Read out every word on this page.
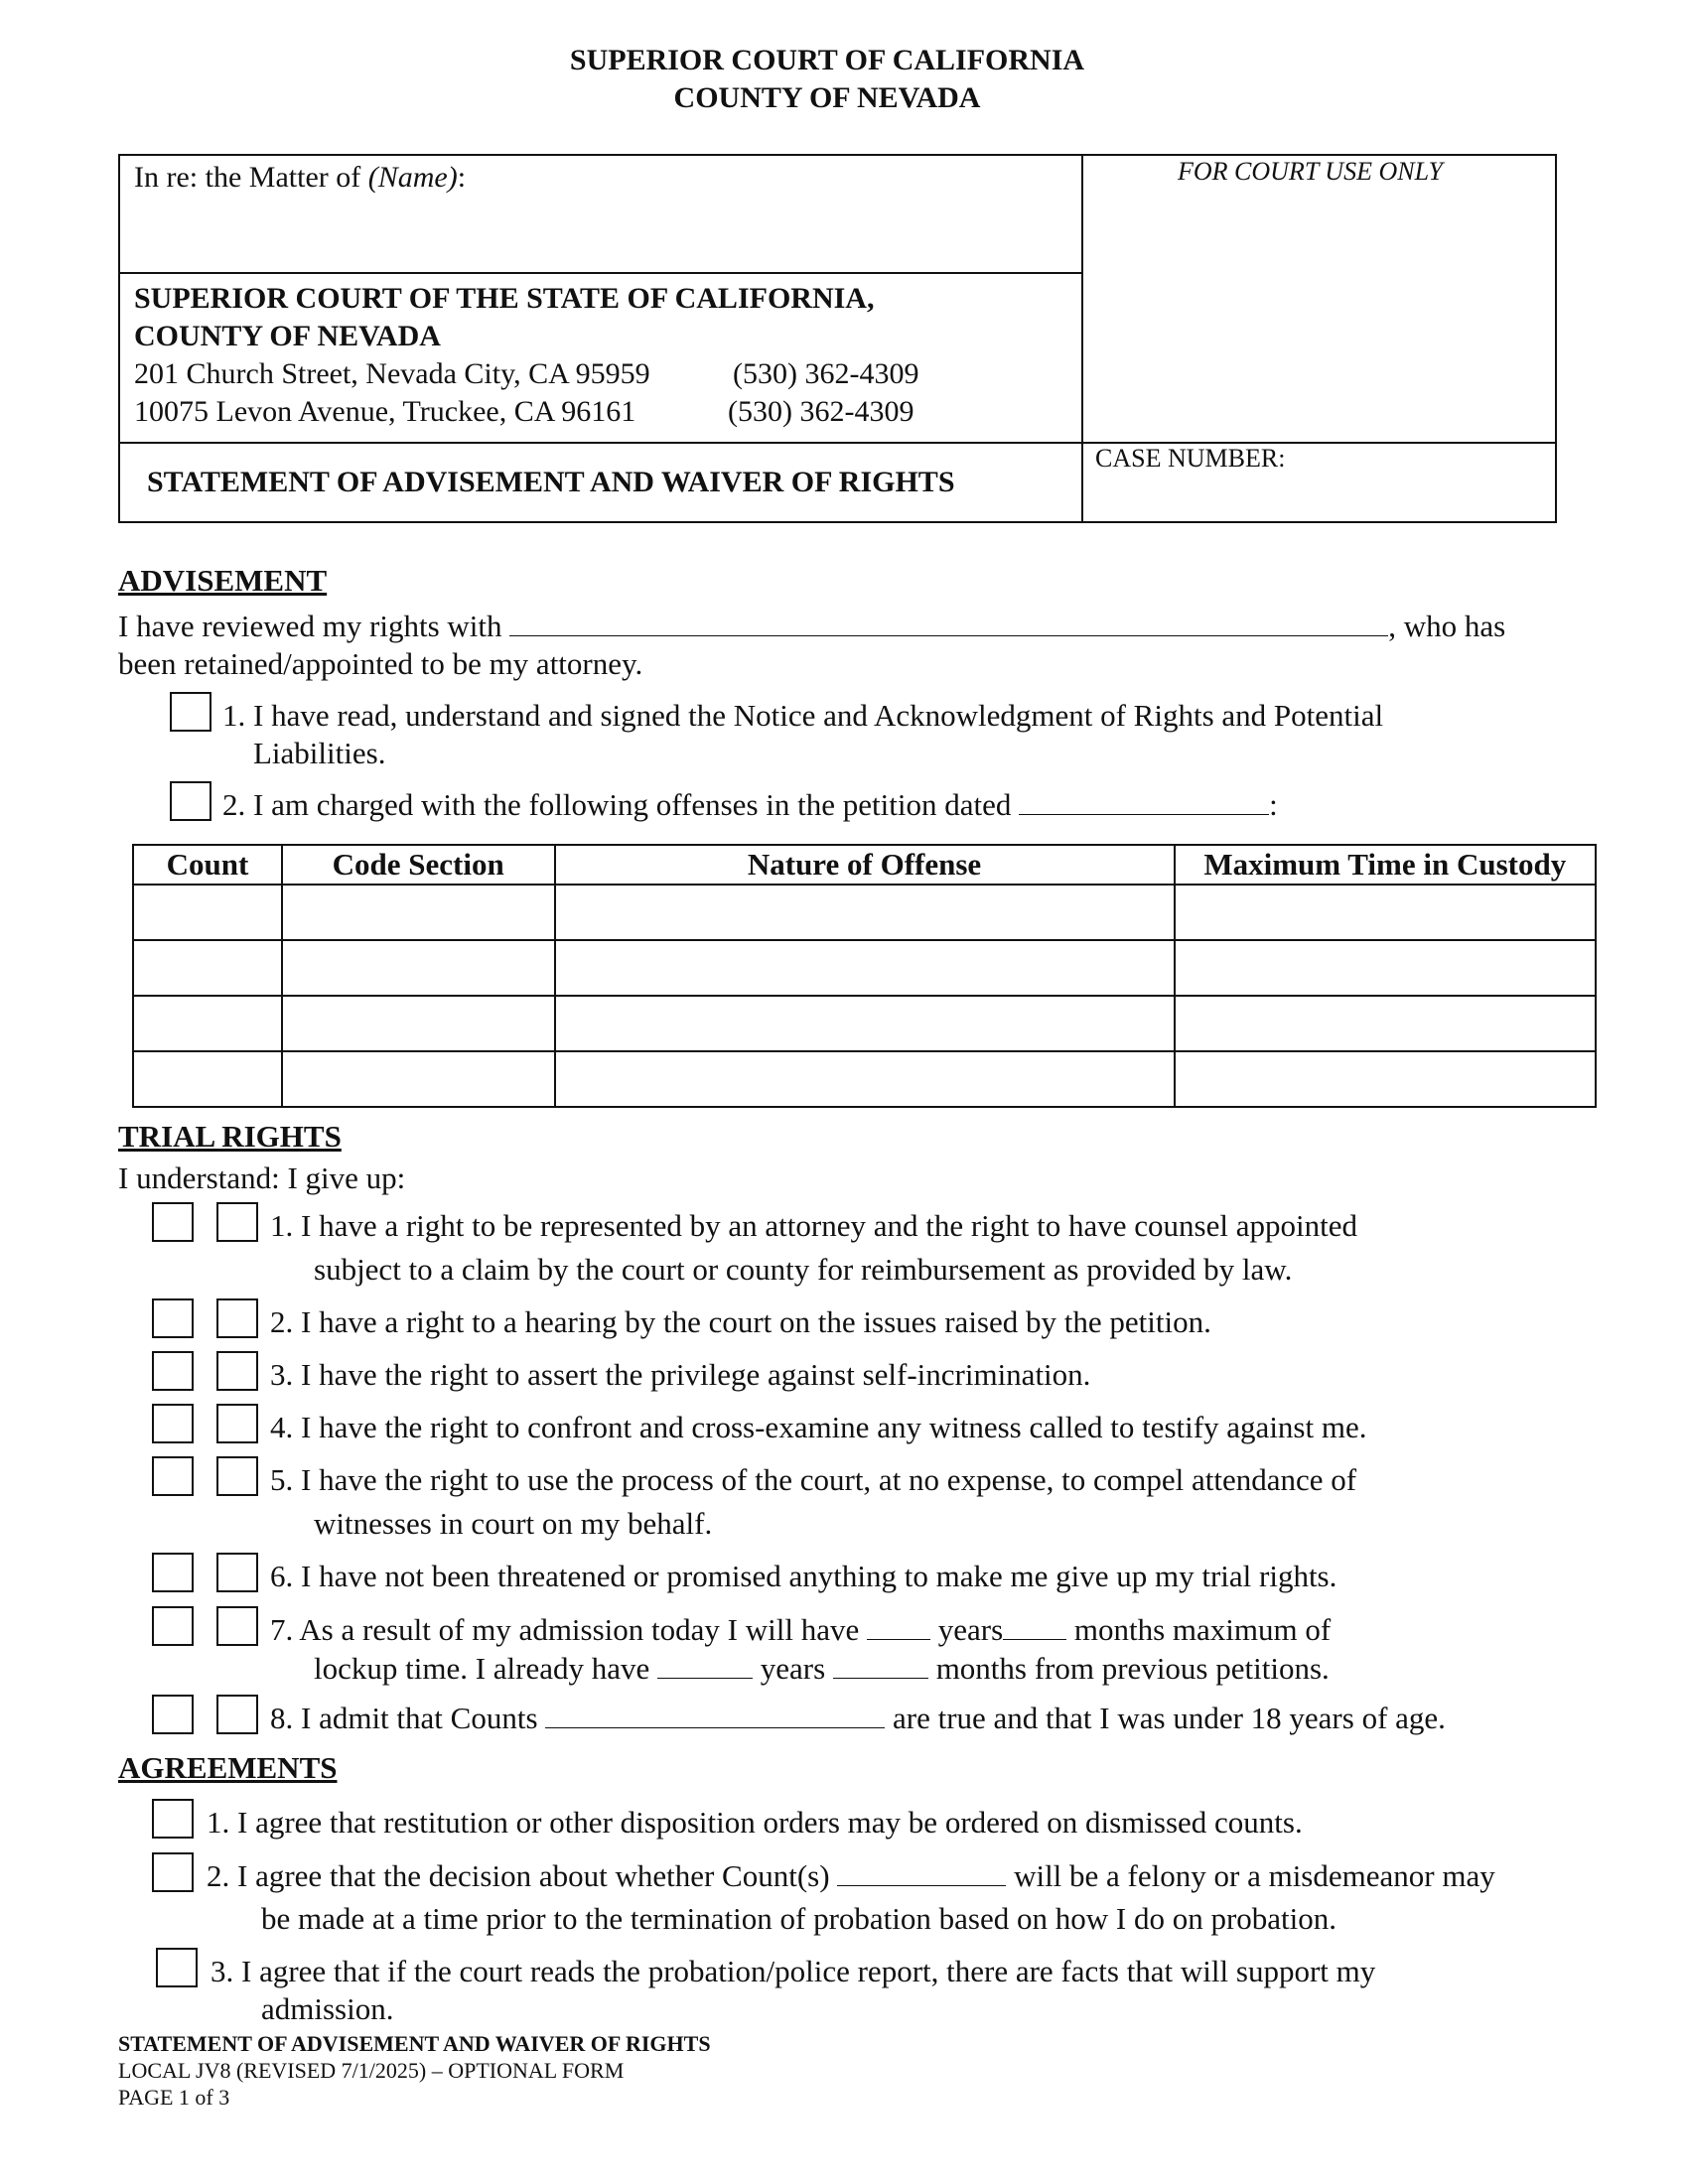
SUPERIOR COURT OF CALIFORNIA
COUNTY OF NEVADA
In re: the Matter of (Name):	FOR COURT USE ONLY
SUPERIOR COURT OF THE STATE OF CALIFORNIA,
COUNTY OF NEVADA
201 Church Street, Nevada City, CA 95959	(530) 362-4309
10075 Levon Avenue, Truckee, CA 96161	(530) 362-4309
STATEMENT OF ADVISEMENT AND WAIVER OF RIGHTS
CASE NUMBER:
ADVISEMENT
I have reviewed my rights with	, who has
been retained/appointed to be my attorney.
1. I have read, understand and signed the Notice and Acknowledgment of Rights and Potential
Liabilities.
2. I am charged with the following offenses in the petition dated	:
Count	Code Section	Nature of Offense	Maximum Time in Custody

TRIAL RIGHTS
I understand: I give up:
1. I have a right to be represented by an attorney and the right to have counsel appointed
subject to a claim by the court or county for reimbursement as provided by law.
2. I have a right to a hearing by the court on the issues raised by the petition.
3. I have the right to assert the privilege against self-incrimination.
4. I have the right to confront and cross-examine any witness called to testify against me.
5. I have the right to use the process of the court, at no expense, to compel attendance of
witnesses in court on my behalf.
6. I have not been threatened or promised anything to make me give up my trial rights.
7. As a result of my admission today I will have	years months maximum of
lockup time. I already have	years	months from previous petitions.
8. I admit that Counts	are true and that I was under 18 years of age.
AGREEMENTS
1. I agree that restitution or other disposition orders may be ordered on dismissed counts.
2. I agree that the decision about whether Count(s)	will be a felony or a misdemeanor may
be made at a time prior to the termination of probation based on how I do on probation.
3. I agree that if the court reads the probation/police report, there are facts that will support my
admission.
STATEMENT OF ADVISEMENT AND WAIVER OF RIGHTS
LOCAL JV8 (REVISED 7/1/2025) – OPTIONAL FORM
PAGE 1 of 3
